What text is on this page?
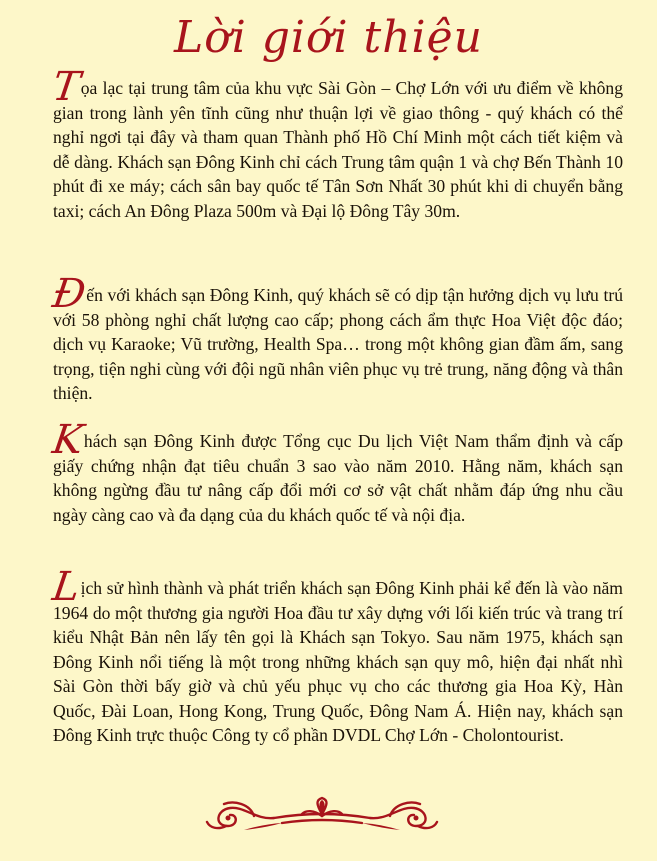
Lời giới thiệu

Tọa lạc tại trung tâm của khu vực Sài Gòn – Chợ Lớn với ưu điểm về không gian trong lành yên tĩnh cũng như thuận lợi về giao thông - quý khách có thể nghỉ ngơi tại đây và tham quan Thành phố Hồ Chí Minh một cách tiết kiệm và dễ dàng. Khách sạn Đông Kinh chỉ cách Trung tâm quận 1 và chợ Bến Thành 10 phút đi xe máy; cách sân bay quốc tế Tân Sơn Nhất 30 phút khi di chuyển bằng taxi; cách An Đông Plaza 500m và Đại lộ Đông Tây 30m.

Đến với khách sạn Đông Kinh, quý khách sẽ có dịp tận hưởng dịch vụ lưu trú với 58 phòng nghỉ chất lượng cao cấp; phong cách ẩm thực Hoa Việt độc đáo; dịch vụ Karaoke; Vũ trường, Health Spa… trong một không gian đầm ấm, sang trọng, tiện nghi cùng với đội ngũ nhân viên phục vụ trẻ trung, năng động và thân thiện.

Khách sạn Đông Kinh được Tổng cục Du lịch Việt Nam thẩm định và cấp giấy chứng nhận đạt tiêu chuẩn 3 sao vào năm 2010. Hằng năm, khách sạn không ngừng đầu tư nâng cấp đổi mới cơ sở vật chất nhằm đáp ứng nhu cầu ngày càng cao và đa dạng của du khách quốc tế và nội địa.

Lịch sử hình thành và phát triển khách sạn Đông Kinh phải kể đến là vào năm 1964 do một thương gia người Hoa đầu tư xây dựng với lối kiến trúc và trang trí kiểu Nhật Bản nên lấy tên gọi là Khách sạn Tokyo. Sau năm 1975, khách sạn Đông Kinh nổi tiếng là một trong những khách sạn quy mô, hiện đại nhất nhì Sài Gòn thời bấy giờ và chủ yếu phục vụ cho các thương gia Hoa Kỳ, Hàn Quốc, Đài Loan, Hong Kong, Trung Quốc, Đông Nam Á. Hiện nay, khách sạn Đông Kinh trực thuộc Công ty cổ phần DVDL Chợ Lớn - Cholontourist.
